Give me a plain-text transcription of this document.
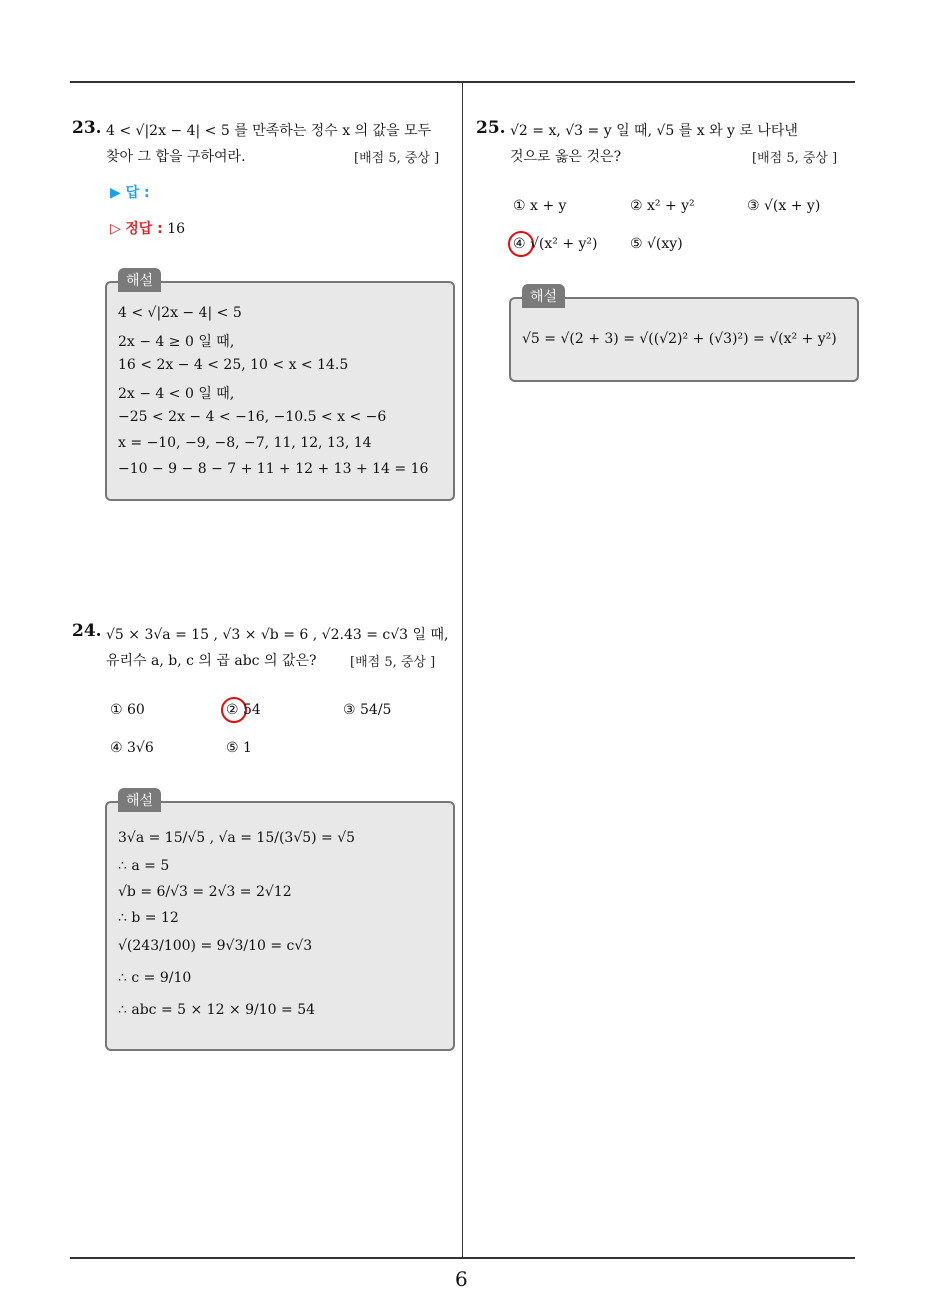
23. 4 < √|2x − 4| < 5 를 만족하는 정수 x 의 값을 모두
찾아 그 합을 구하여라.	[배점 5, 중상 ]
▶ 답 :
▷ 정답 : 16
해설
4 < √|2x − 4| < 5
2x − 4 ≥ 0 일 때,
16 < 2x − 4 < 25, 10 < x < 14.5
2x − 4 < 0 일 때,
−25 < 2x − 4 < −16, −10.5 < x < −6
x = −10, −9, −8, −7, 11, 12, 13, 14
−10 − 9 − 8 − 7 + 11 + 12 + 13 + 14 = 16
24. √5 × 3√a = 15 , √3 × √b = 6 , √2.43 = c√3 일 때,
유리수 a, b, c 의 곱 abc 의 값은?	[배점 5, 중상 ]
① 60	② 54	③ 54/5
④ 3√6	⑤ 1
해설
3√a = 15/√5 , √a = 15/(3√5) = √5
∴ a = 5
√b = 6/√3 = 2√3 = 2√12
∴ b = 12
√(243/100) = 9√3/10 = c√3
∴ c = 9/10
∴ abc = 5 × 12 × 9/10 = 54
25. √2 = x, √3 = y 일 때, √5 를 x 와 y 로 나타낸
것으로 옳은 것은?	[배점 5, 중상 ]
① x + y	② x² + y²	③ √(x + y)
④ √(x² + y²) ⑤ √(xy)
해설
√5 = √(2 + 3) = √((√2)² + (√3)²) = √(x² + y²)
6
